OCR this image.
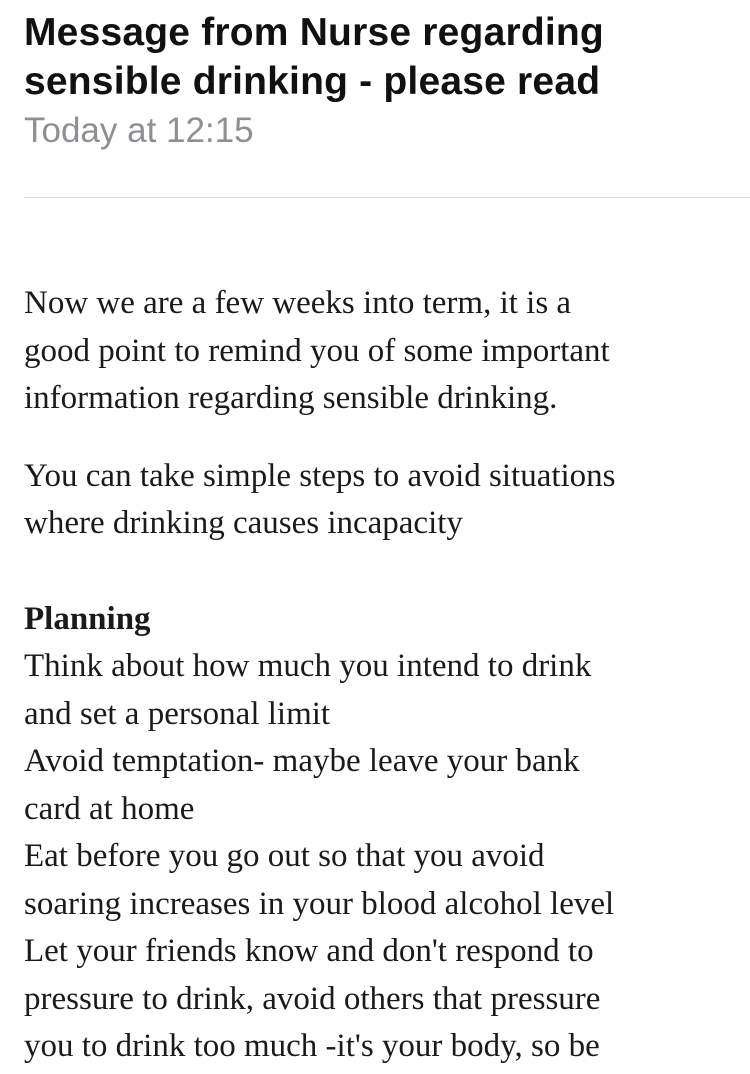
Message from Nurse regarding
sensible drinking - please read
Today at 12:15

Now we are a few weeks into term, it is a
good point to remind you of some important
information regarding sensible drinking.

You can take simple steps to avoid situations
where drinking causes incapacity

Planning

Think about how much you intend to drink
and set a personal limit
Avoid temptation- maybe leave your bank
card at home
Eat before you go out so that you avoid
soaring increases in your blood alcohol level
Let your friends know and don't respond to
pressure to drink, avoid others that pressure
you to drink too much -it's your body, so be
